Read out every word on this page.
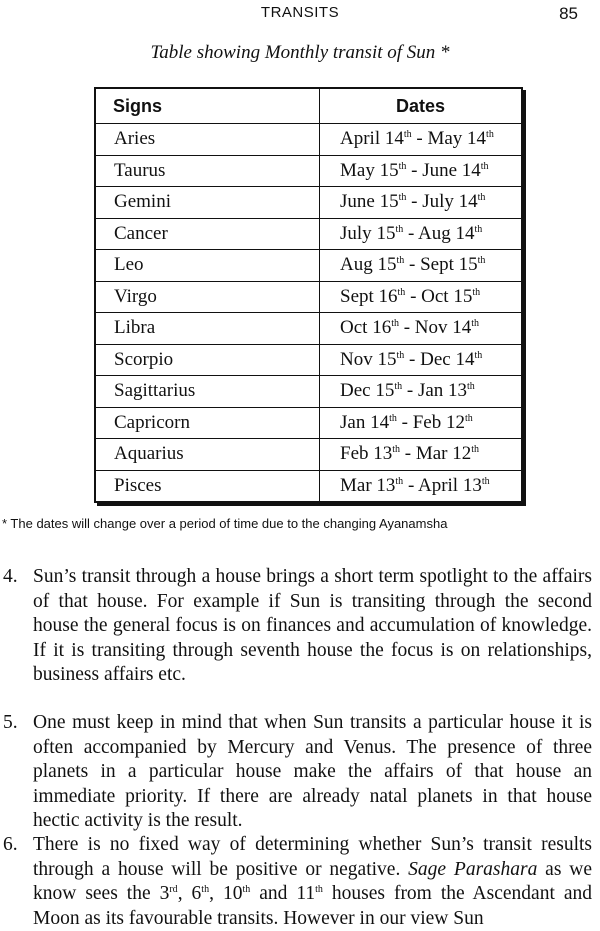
TRANSITS	85
Table showing Monthly transit of Sun *
Signs	Dates
Aries	April 14th - May 14th
Taurus	May 15th - June 14th
Gemini	June 15th - July 14th
Cancer	July 15th - Aug 14th
Leo	Aug 15th - Sept 15th
Virgo	Sept 16th - Oct 15th
Libra	Oct 16th - Nov 14th
Scorpio	Nov 15th - Dec 14th
Sagittarius	Dec 15th - Jan 13th
Capricorn	Jan 14th - Feb 12th
Aquarius	Feb 13th - Mar 12th
Pisces	Mar 13th - April 13th
* The dates will change over a period of time due to the changing Ayanamsha
4. Sun’s transit through a house brings a short term spotlight to the affairs of that house. For example if Sun is transiting through the second house the general focus is on finances and accumulation of knowledge. If it is transiting through seventh house the focus is on relationships, business affairs etc.
5. One must keep in mind that when Sun transits a particular house it is often accompanied by Mercury and Venus. The presence of three planets in a particular house make the affairs of that house an immediate priority. If there are already natal planets in that house hectic activity is the result.
6. There is no fixed way of determining whether Sun’s transit results through a house will be positive or negative. Sage Parashara as we know sees the 3rd, 6th, 10th and 11th houses from the Ascendant and Moon as its favourable transits. However in our view Sun
